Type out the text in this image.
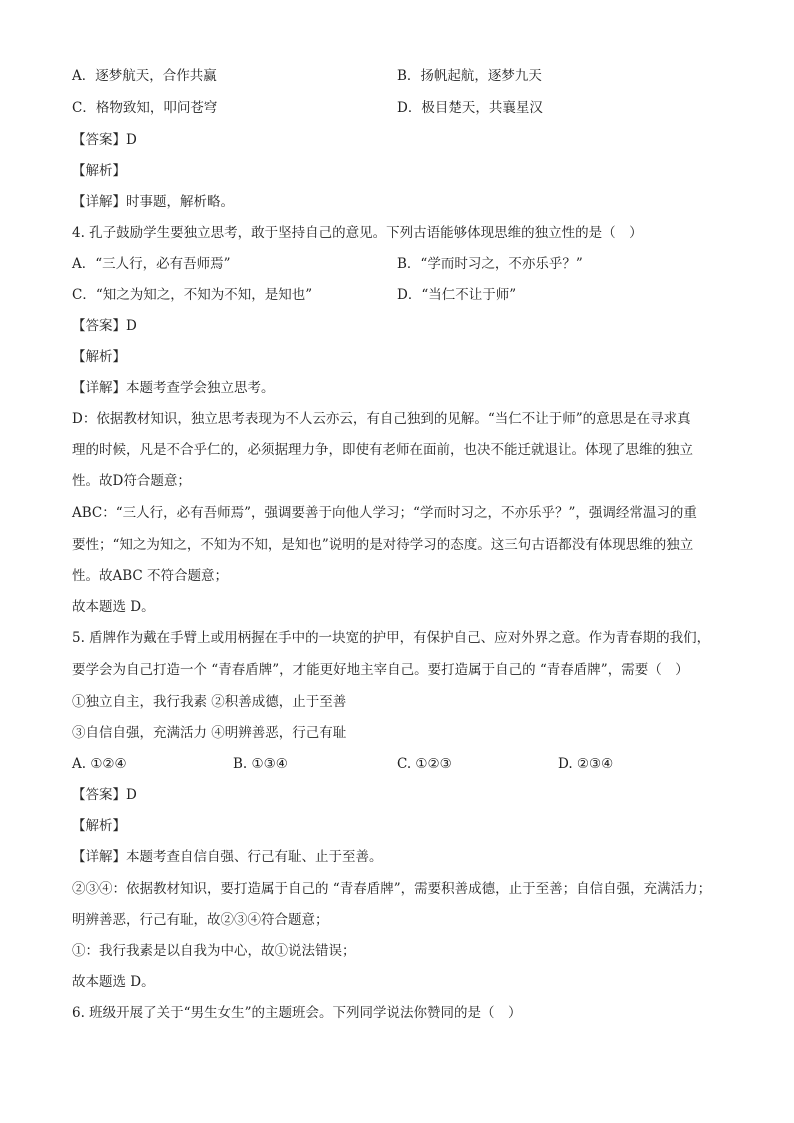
A．逐梦航天，合作共赢	B．扬帆起航，逐梦九天
C．格物致知，叩问苍穹	D．极目楚天，共襄星汉
【答案】D
【解析】
【详解】时事题，解析略。
4. 孔子鼓励学生要独立思考，敢于坚持自己的意见。下列古语能够体现思维的独立性的是（　）
A．“三人行，必有吾师焉”	B．“学而时习之，不亦乐乎？”
C．“知之为知之，不知为不知，是知也”	D．“当仁不让于师”
【答案】D
【解析】
【详解】本题考查学会独立思考。
D：依据教材知识，独立思考表现为不人云亦云，有自己独到的见解。“当仁不让于师”的意思是在寻求真
理的时候，凡是不合乎仁的，必须据理力争，即使有老师在面前，也决不能迁就退让。体现了思维的独立
性。故D符合题意；
ABC：“三人行，必有吾师焉”，强调要善于向他人学习；“学而时习之，不亦乐乎？”，强调经常温习的重
要性；“知之为知之，不知为不知，是知也”说明的是对待学习的态度。这三句古语都没有体现思维的独立
性。故ABC 不符合题意；
故本题选 D。
5. 盾牌作为戴在手臂上或用柄握在手中的一块宽的护甲，有保护自己、应对外界之意。作为青春期的我们，
要学会为自己打造一个 “青春盾牌”，才能更好地主宰自己。要打造属于自己的 “青春盾牌”，需要（　）
①独立自主，我行我素 ②积善成德，止于至善
③自信自强，充满活力 ④明辨善恶，行己有耻
A. ①②④	B. ①③④	C. ①②③	D. ②③④
【答案】D
【解析】
【详解】本题考查自信自强、行己有耻、止于至善。
②③④：依据教材知识，要打造属于自己的 “青春盾牌”，需要积善成德，止于至善；自信自强，充满活力；
明辨善恶，行己有耻，故②③④符合题意；
①：我行我素是以自我为中心，故①说法错误；
故本题选 D。
6. 班级开展了关于“男生女生”的主题班会。下列同学说法你赞同的是（　）
